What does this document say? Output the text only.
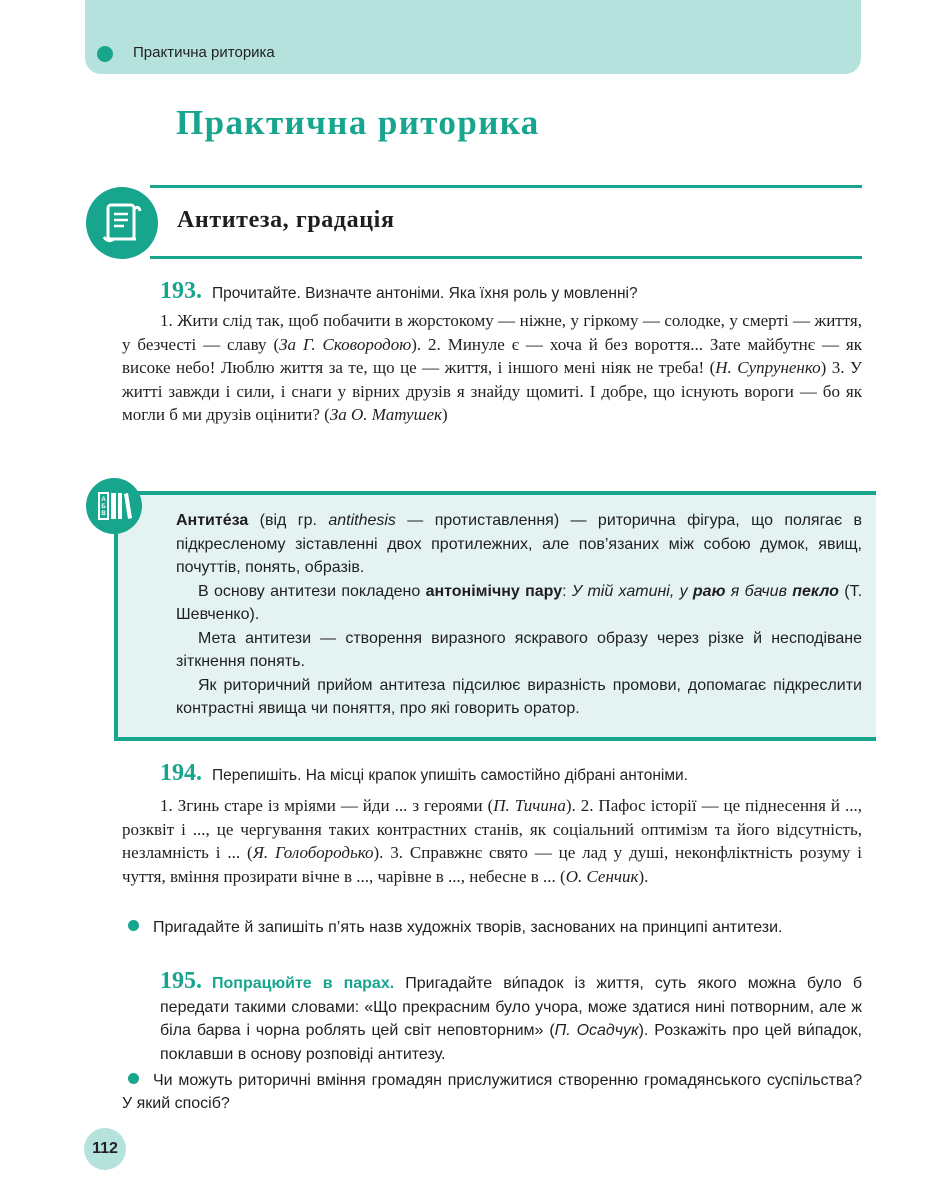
Практична риторика
Практична риторика
Антитеза, градація
193. Прочитайте. Визначте антоніми. Яка їхня роль у мовленні?

1. Жити слід так, щоб побачити в жорстокому — ніжне, у гіркому — солодке, у смерті — життя, у безчесті — славу (За Г. Сковородою). 2. Минуле є — хоча й без вороття... Зате майбутнє — як високе небо! Люблю життя за те, що це — життя, і іншого мені ніяк не треба! (Н. Супруненко) 3. У житті завжди і сили, і снаги у вірних друзів я знайду щомиті. І добре, що існують вороги — бо як могли б ми друзів оцінити? (За О. Матушек)

А
Б
В	Антите́за (від гр. antithesis — протиставлення) — риторична фігура, що полягає в підкресленому зіставленні двох протилежних, але пов’язаних між собою думок, явищ, почуттів, понять, образів.

В основу антитези покладено антонімічну пару: У тій хатині, у раю я бачив пекло (Т. Шевченко).

Мета антитези — створення виразного яскравого образу через різке й несподіване зіткнення понять.

Як риторичний прийом антитеза підсилює виразність промови, допомагає підкреслити контрастні явища чи поняття, про які говорить оратор.

194. Перепишіть. На місці крапок упишіть самостійно дібрані антоніми.

1. Згинь старе із мріями — йди ... з героями (П. Тичина). 2. Пафос історії — це піднесення й ..., розквіт і ..., це чергування таких контрастних станів, як соціальний оптимізм та його відсутність, незламність і ... (Я. Голобородько). 3. Справжнє свято — це лад у душі, неконфліктність розуму і чуття, вміння прозирати вічне в ..., чарівне в ..., небесне в ... (О. Сенчик).

Пригадайте й запишіть п’ять назв художніх творів, заснованих на принципі антитези.
195. Попрацюйте в парах. Пригадайте ви́падок із життя, суть якого можна було б передати такими словами: «Що прекрасним було учора, може здатися нині потворним, але ж біла барва і чорна роблять цей світ неповторним» (П. Осадчук). Розкажіть про цей ви́падок, поклавши в основу розповіді антитезу.
Чи можуть риторичні вміння громадян прислужитися створенню громадянського суспільства? У який спосіб?
112
